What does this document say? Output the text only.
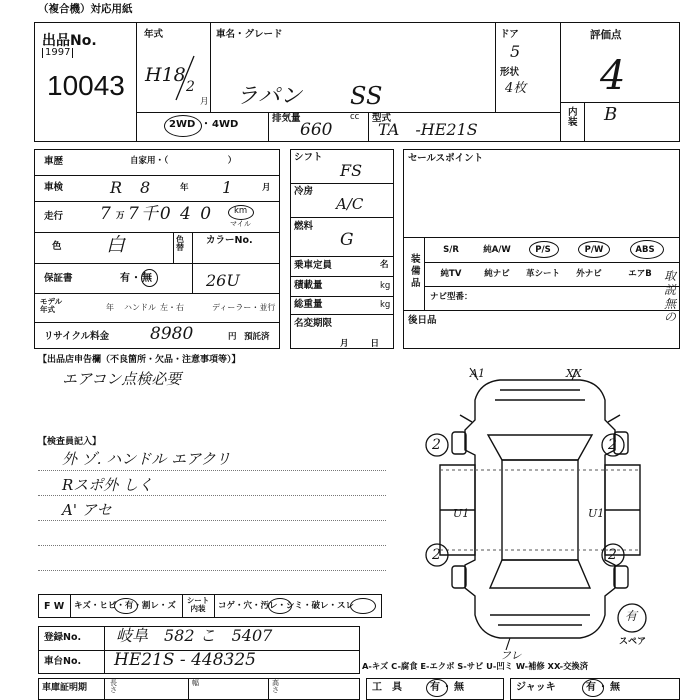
（複合機）対応用紙
出品No.
1997
10043
年式
H18
2
月
車名・グレード
ラパン SS
ドア
5
形状
4枚
2WD ・ 4WD
排気量
660
cc 型式
TA　-HE21S
評価点
4
内装 B
車歴	自家用・（　　　　　　　）
車検	R 8	年 1	月
走行 7 万 7千0 4 0 km
マイル
色 白	色替
カラーNo.
保証書	有・無	26U
モデル年式	年 ハンドル 左・右	ディーラー・並行
リサイクル料金 8980	円 預託済
シフト
FS
冷房
A/C
燃料
G
乗車定員	名
積載量	kg
総重量	kg
名変期限
月日
セールスポイント
装備品
S/R	純A/W	P/S	P/W	ABS
純TV	純ナビ	革シート	外ナビ	エアB
ナビ型番：
取説無の
後日品
【出品店申告欄（不良箇所・欠品・注意事項等）】
エアコン点検必要
【検査員記入】
外 ゾ. ハンドル エアクリ
Rスポ外 しく
A' アセ
F W キズ・ヒビ・有・割レ・ズ
シート内装	コゲ・穴・汚レ・シミ・破レ・スレ
登録No. 岐阜　582 こ　5407
車台No. HE21S - 448325
車庫証明期	長さ
幅	高さ	工　具	有・無	ジャッキ	有・無
A-キズ C-腐食 E-エクボ S-サビ U-凹ミ W-補修 XX-交換済
2	2
2	2
U1	U1
A1	XX
フレ
有
スペア
